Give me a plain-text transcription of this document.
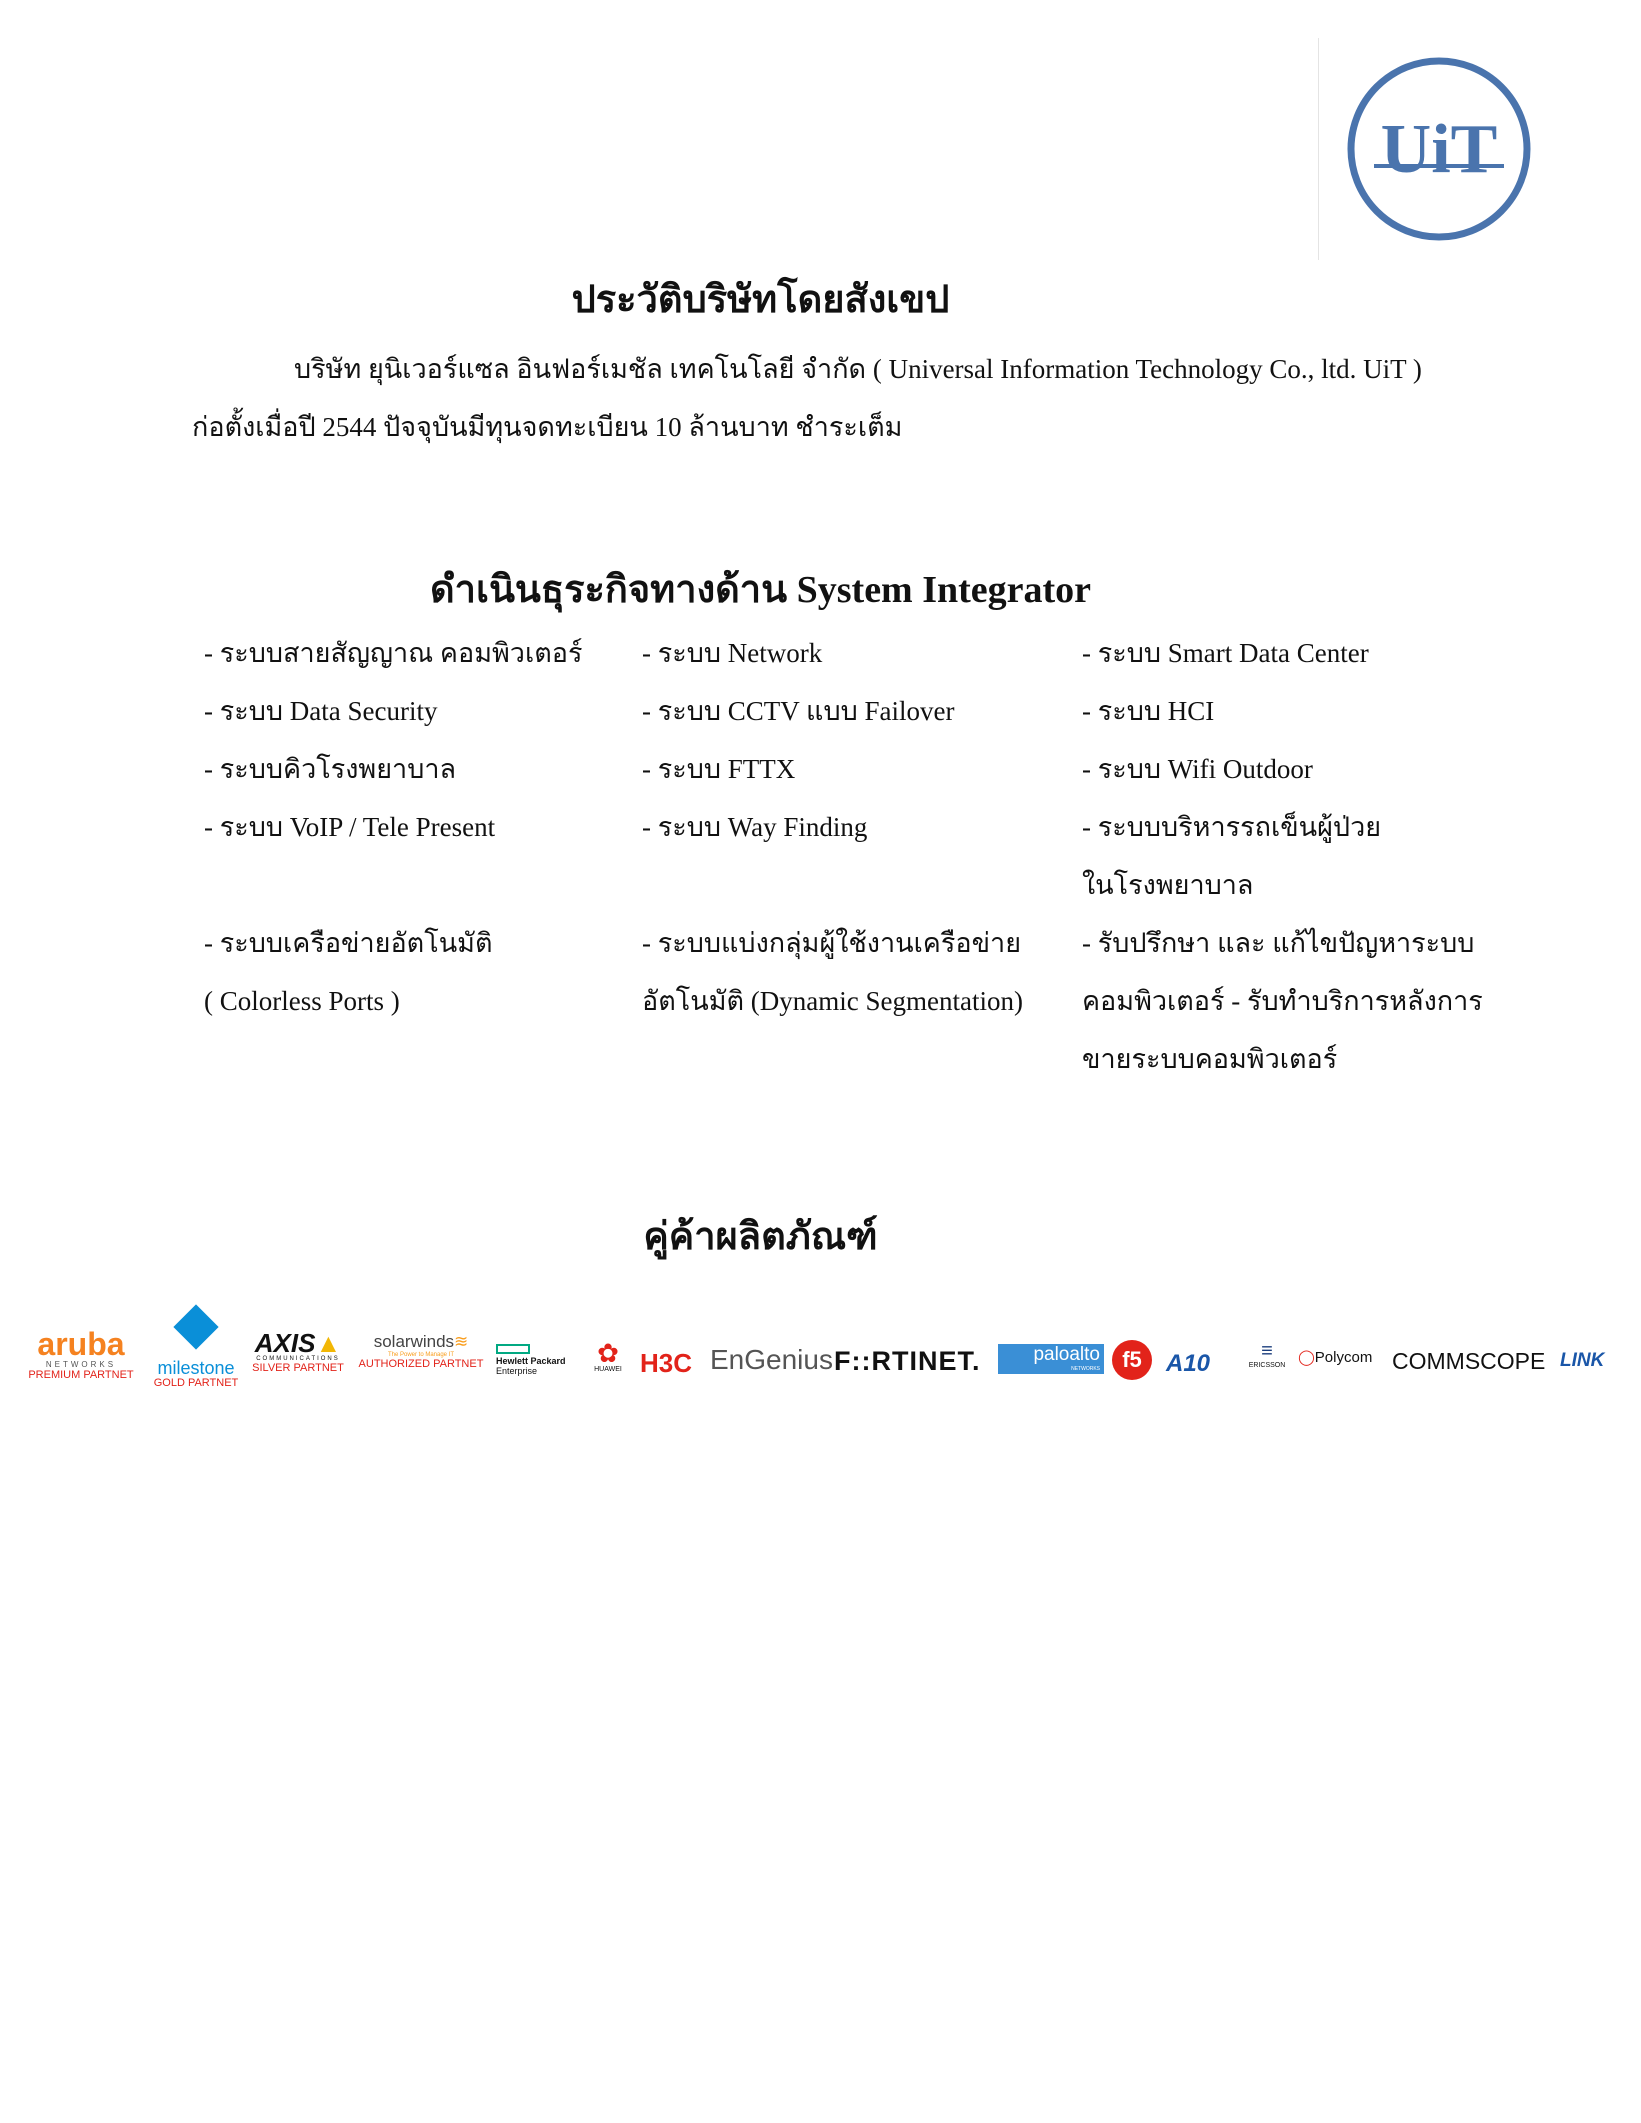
UiT
ประวัติบริษัทโดยสังเขป
บริษัท ยุนิเวอร์แซล อินฟอร์เมชัล เทคโนโลยี จำกัด ( Universal Information Technology Co., ltd. UiT )
ก่อตั้งเมื่อปี 2544 ปัจจุบันมีทุนจดทะเบียน 10 ล้านบาท ชำระเต็ม
ดำเนินธุระกิจทางด้าน System Integrator
- ระบบสายสัญญาณ คอมพิวเตอร์
- ระบบ Data Security
- ระบบคิวโรงพยาบาล
- ระบบ VoIP / Tele Present

- ระบบเครือข่ายอัตโนมัติ
( Colorless Ports )
- ระบบ Network
- ระบบ CCTV แบบ Failover
- ระบบ FTTX
- ระบบ Way Finding

- ระบบแบ่งกลุ่มผู้ใช้งานเครือข่าย
อัตโนมัติ (Dynamic Segmentation)
- ระบบ Smart Data Center
- ระบบ HCI
- ระบบ Wifi Outdoor
- ระบบบริหารรถเข็นผู้ป่วย
ในโรงพยาบาล
- รับปรึกษา และ แก้ไขปัญหาระบบ
คอมพิวเตอร์ - รับทำบริการหลังการ
ขายระบบคอมพิวเตอร์
คู่ค้าผลิตภัณฑ์
aruba
NETWORKS
PREMIUM PARTNET	milestone
GOLD PARTNET
AXIS▲
COMMUNICATIONS
SILVER PARTNET
solarwinds≋
The Power to Manage IT
AUTHORIZED PARTNET Hewlett Packard
Enterprise
✿
HUAWEI H3C EnGenius F::RTINET.	paloalto
NETWORKS	f5	A10	≡
ERICSSON ◯Polycom COMMSCOPE LINK
